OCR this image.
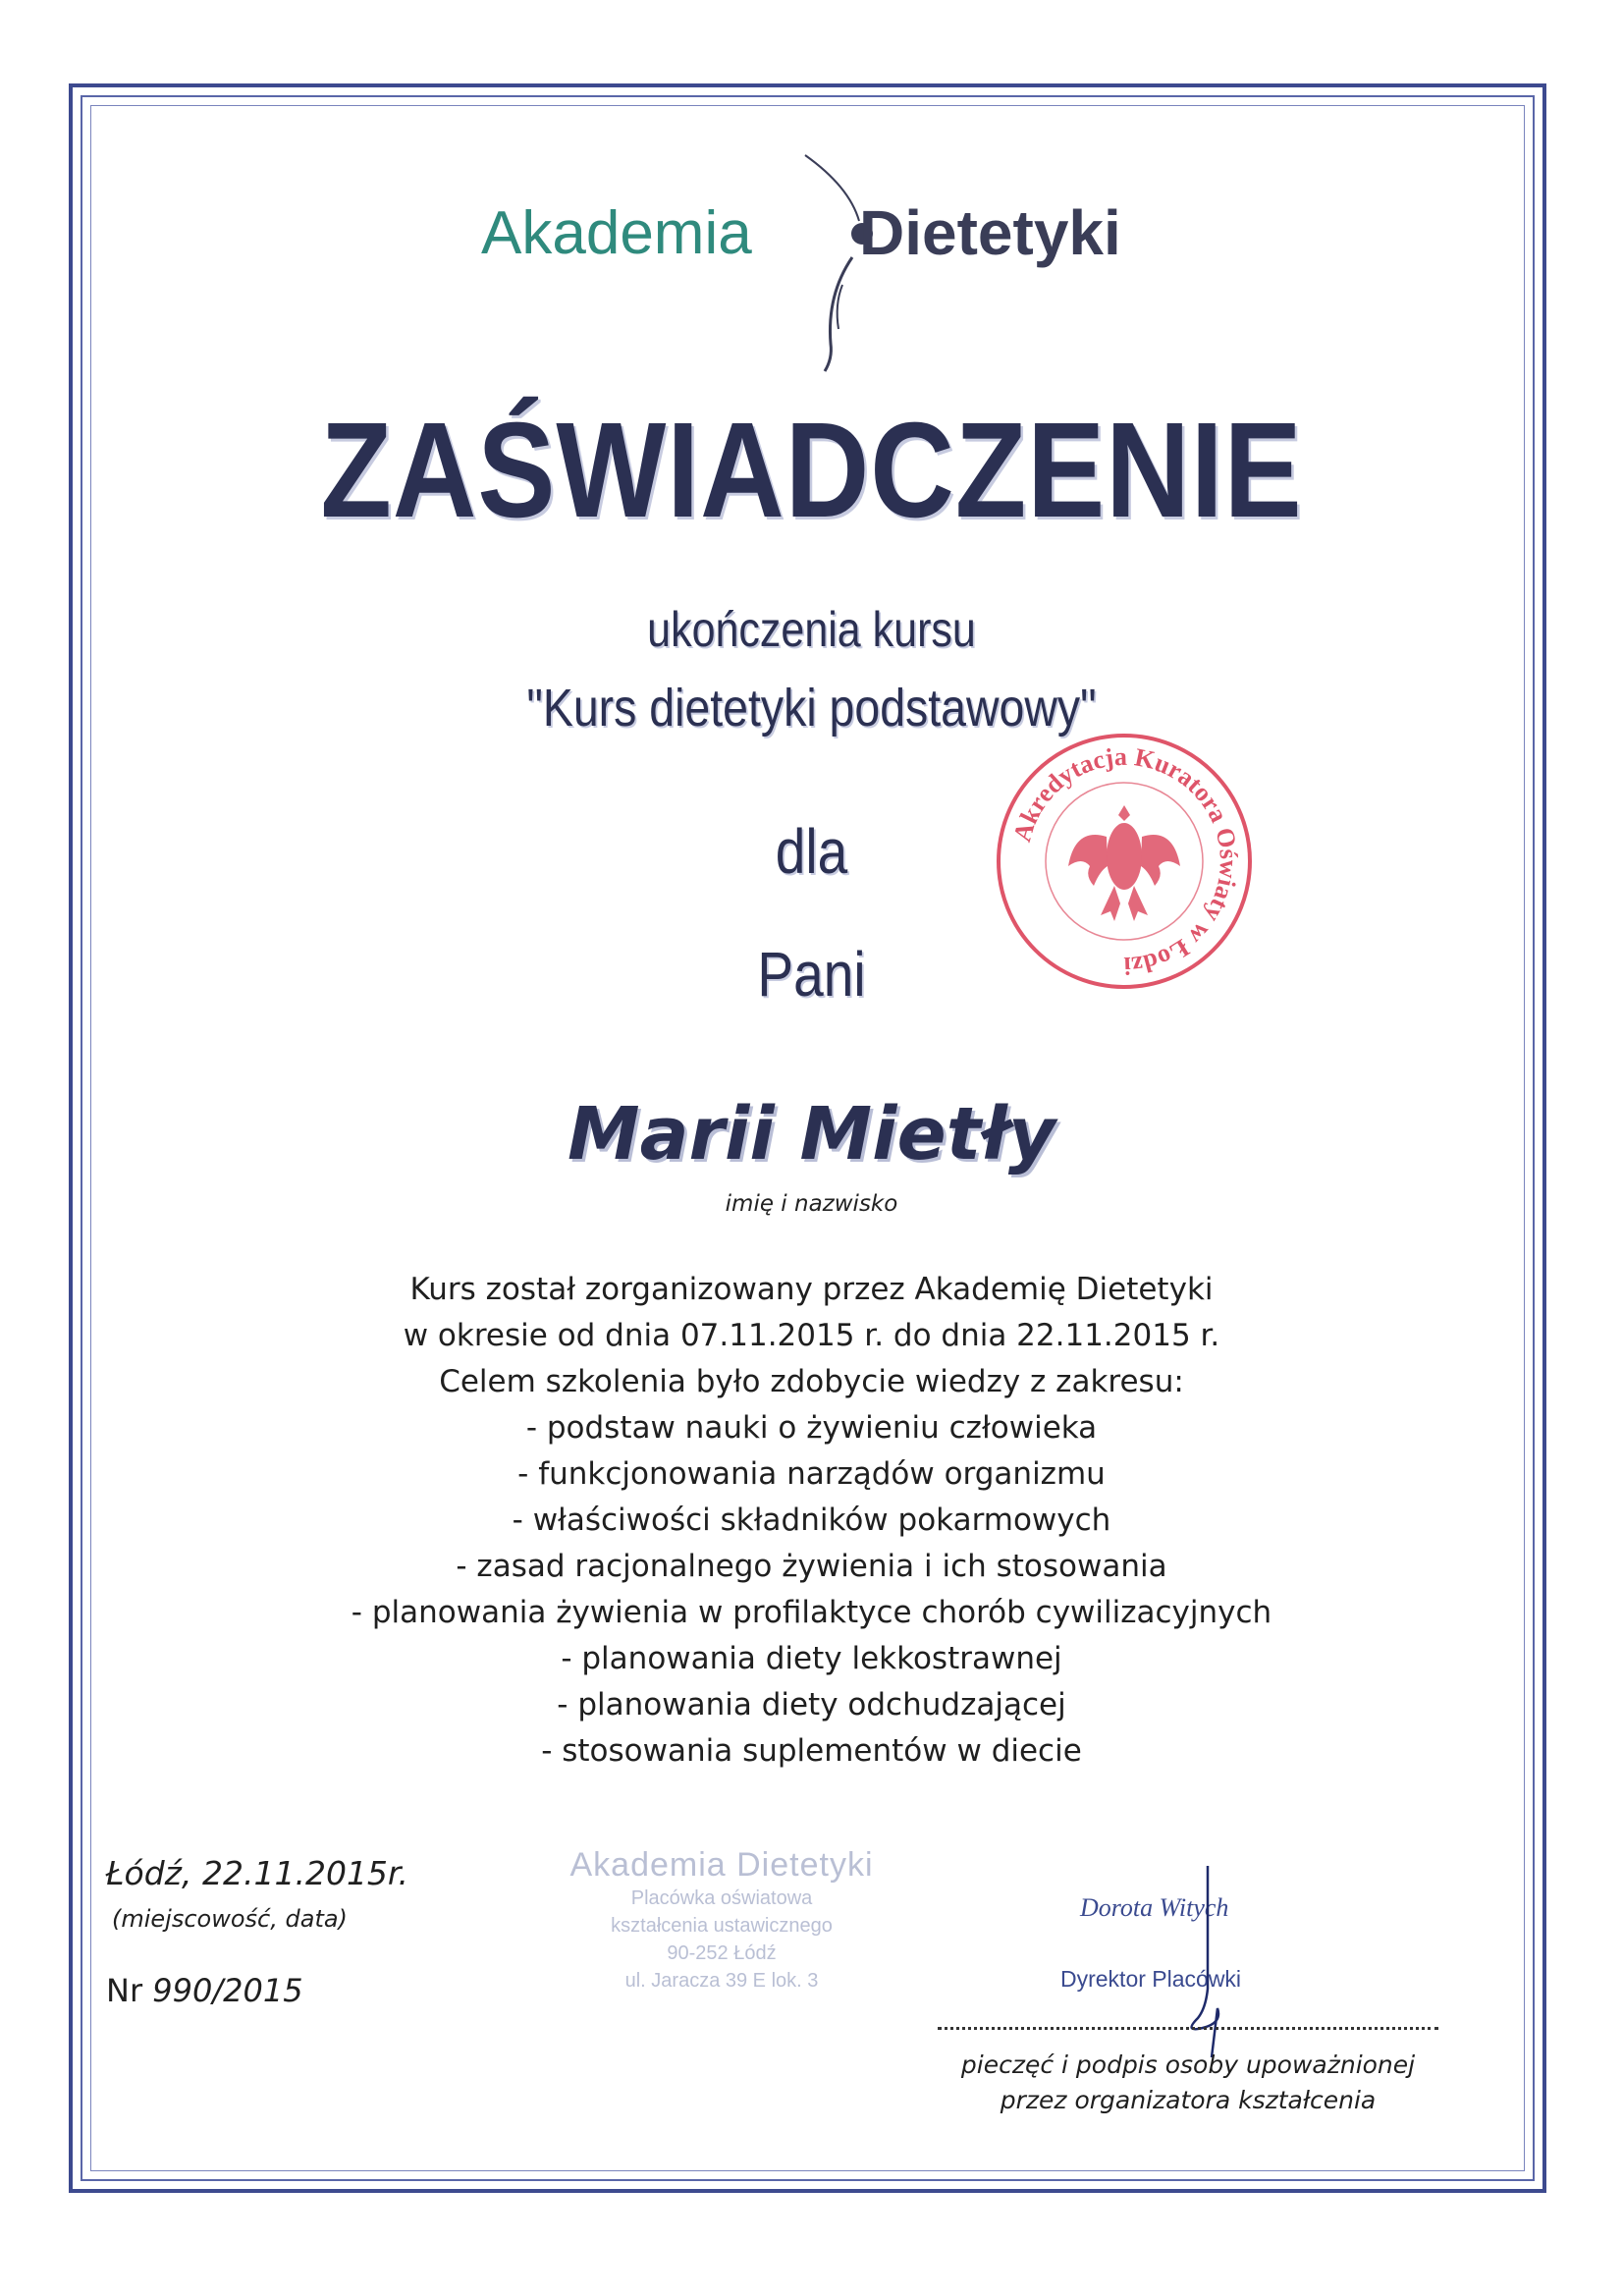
Akademia Dietetyki
ZAŚWIADCZENIE
ukończenia kursu
"Kurs dietetyki podstawowy"
dla
Pani
Marii Mietły
imię i nazwisko
Kurs został zorganizowany przez Akademię Dietetyki
w okresie od dnia 07.11.2015 r. do dnia 22.11.2015 r.
Celem szkolenia było zdobycie wiedzy z zakresu:
- podstaw nauki o żywieniu człowieka
- funkcjonowania narządów organizmu
- właściwości składników pokarmowych
- zasad racjonalnego żywienia i ich stosowania
- planowania żywienia w profilaktyce chorób cywilizacyjnych
- planowania diety lekkostrawnej
- planowania diety odchudzającej
- stosowania suplementów w diecie
Akredytacja Kuratora Oświaty w Łodzi
Łódź, 22.11.2015r.
(miejscowość, data)
Nr 990/2015
Akademia Dietetyki
Placówka oświatowa
kształcenia ustawicznego
90-252 Łódź
ul. Jaracza 39 E lok. 3
Dorota Witych
Dyrektor Placówki
pieczęć i podpis osoby upoważnionej
przez organizatora kształcenia
